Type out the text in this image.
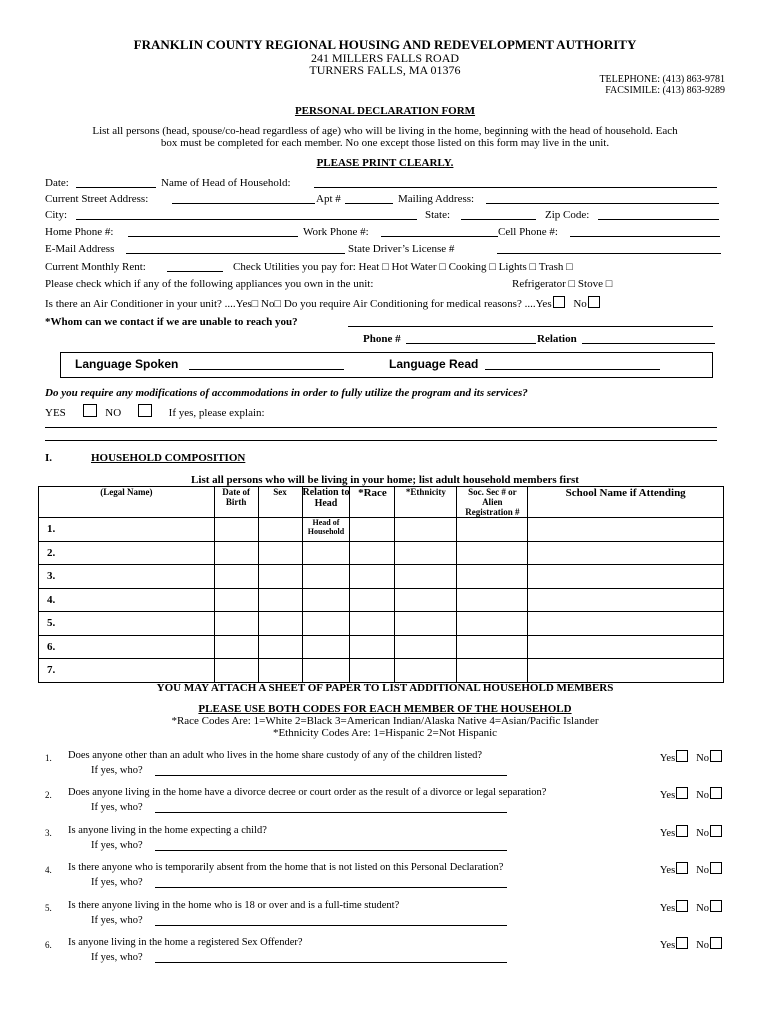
FRANKLIN COUNTY REGIONAL HOUSING AND REDEVELOPMENT AUTHORITY
241 MILLERS FALLS ROAD
TURNERS FALLS, MA 01376
TELEPHONE: (413) 863-9781
FACSIMILE: (413) 863-9289
PERSONAL DECLARATION FORM
List all persons (head, spouse/co-head regardless of age) who will be living in the home, beginning with the head of household. Each
box must be completed for each member. No one except those listed on this form may live in the unit.
PLEASE PRINT CLEARLY.
Date:	Name of Head of Household:
Current Street Address:	Apt #	Mailing Address:
City:	State:	Zip Code:
Home Phone #:	Work Phone #:	Cell Phone #:
E-Mail Address	State Driver’s License #
Current Monthly Rent:	Check Utilities you pay for: Heat □ Hot Water □ Cooking □ Lights □ Trash □
Please check which if any of the following appliances you own in the unit:	Refrigerator □ Stove □
Is there an Air Conditioner in your unit? ....Yes□ No□ Do you require Air Conditioning for medical reasons? ....Yes No
*Whom can we contact if we are unable to reach you?
Phone #	Relation
Language Spoken	Language Read
Do you require any modifications of accommodations in order to fully utilize the program and its services?
YES	NO	If yes, please explain:
I.	HOUSEHOLD COMPOSITION
List all persons who will be living in your home; list adult household members first
(Legal Name)	Date of Birth	Sex	Relation to Head	*Race	*Ethnicity	Soc. Sec # or Alien Registration #	School Name if Attending
1.			Head of Household				
2.							
3.							
4.							
5.							
6.							
7.							
YOU MAY ATTACH A SHEET OF PAPER TO LIST ADDITIONAL HOUSEHOLD MEMBERS
PLEASE USE BOTH CODES FOR EACH MEMBER OF THE HOUSEHOLD
*Race Codes Are: 1=White 2=Black 3=American Indian/Alaska Native 4=Asian/Pacific Islander
*Ethnicity Codes Are: 1=Hispanic 2=Not Hispanic
1. Does anyone other than an adult who lives in the home share custody of any of the children listed?	Yes No
If yes, who?
2. Does anyone living in the home have a divorce decree or court order as the result of a divorce or legal separation?	Yes No
If yes, who?
3. Is anyone living in the home expecting a child?	Yes No
If yes, who?
4. Is there anyone who is temporarily absent from the home that is not listed on this Personal Declaration?	Yes No
If yes, who?
5. Is there anyone living in the home who is 18 or over and is a full-time student?	Yes No
If yes, who?
6. Is anyone living in the home a registered Sex Offender?	Yes No
If yes, who?
